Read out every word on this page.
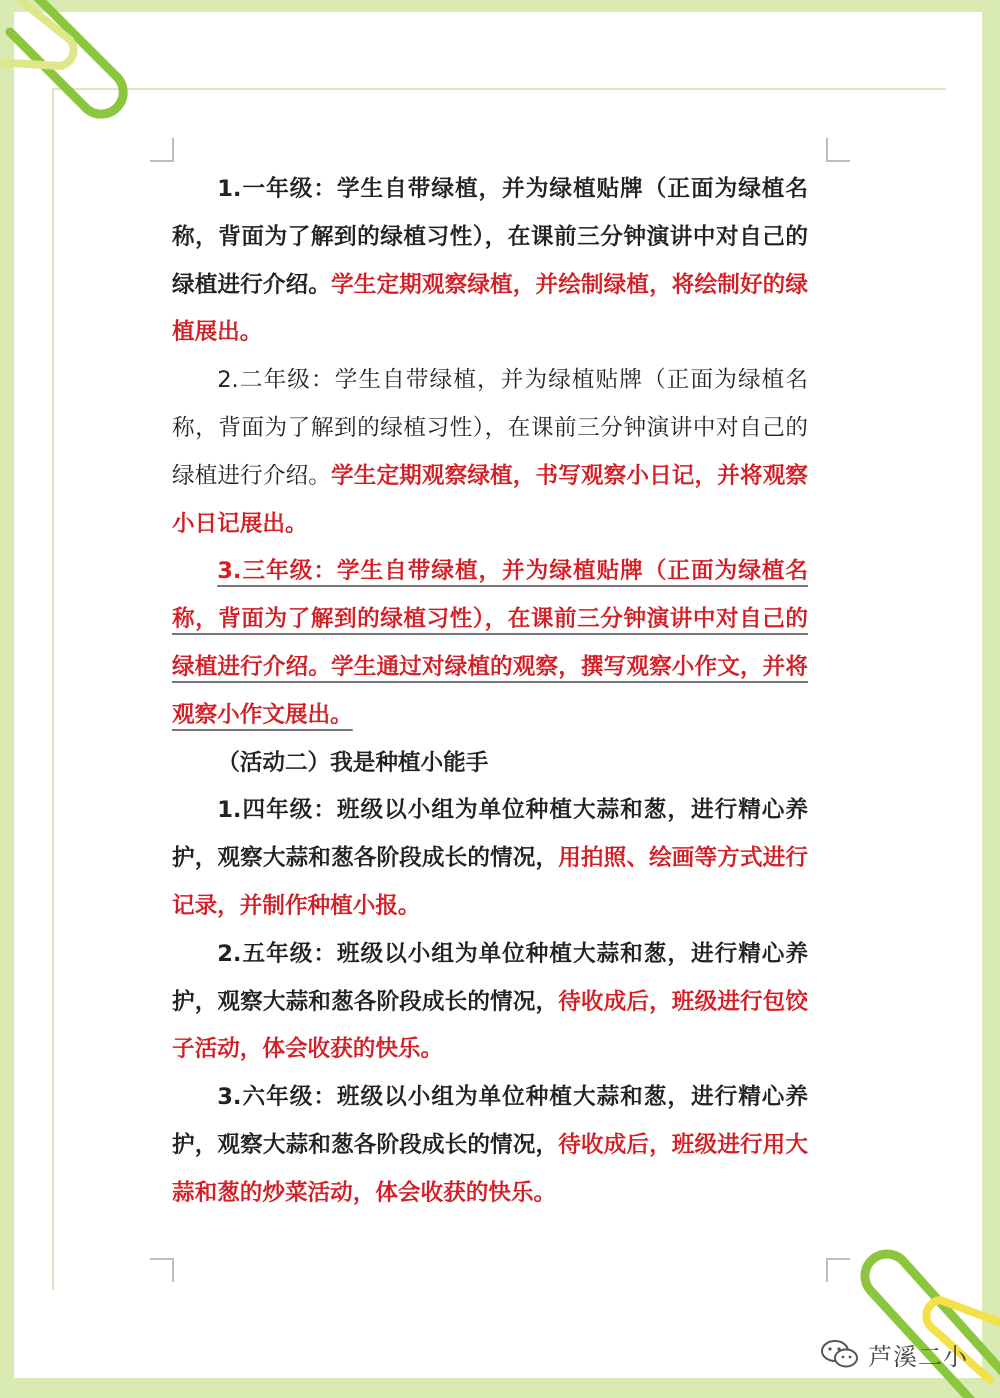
1.一年级：学生自带绿植，并为绿植贴牌（正面为绿植名称，背面为了解到的绿植习性），在课前三分钟演讲中对自己的绿植进行介绍。学生定期观察绿植，并绘制绿植，将绘制好的绿植展出。

2.二年级：学生自带绿植，并为绿植贴牌（正面为绿植名称，背面为了解到的绿植习性），在课前三分钟演讲中对自己的绿植进行介绍。学生定期观察绿植，书写观察小日记，并将观察小日记展出。

3.三年级：学生自带绿植，并为绿植贴牌（正面为绿植名称，背面为了解到的绿植习性），在课前三分钟演讲中对自己的绿植进行介绍。学生通过对绿植的观察，撰写观察小作文，并将观察小作文展出。

（活动二）我是种植小能手

1.四年级：班级以小组为单位种植大蒜和葱，进行精心养护，观察大蒜和葱各阶段成长的情况，用拍照、绘画等方式进行记录，并制作种植小报。

2.五年级：班级以小组为单位种植大蒜和葱，进行精心养护，观察大蒜和葱各阶段成长的情况，待收成后，班级进行包饺子活动，体会收获的快乐。

3.六年级：班级以小组为单位种植大蒜和葱，进行精心养护，观察大蒜和葱各阶段成长的情况，待收成后，班级进行用大蒜和葱的炒菜活动，体会收获的快乐。

芦溪二小
